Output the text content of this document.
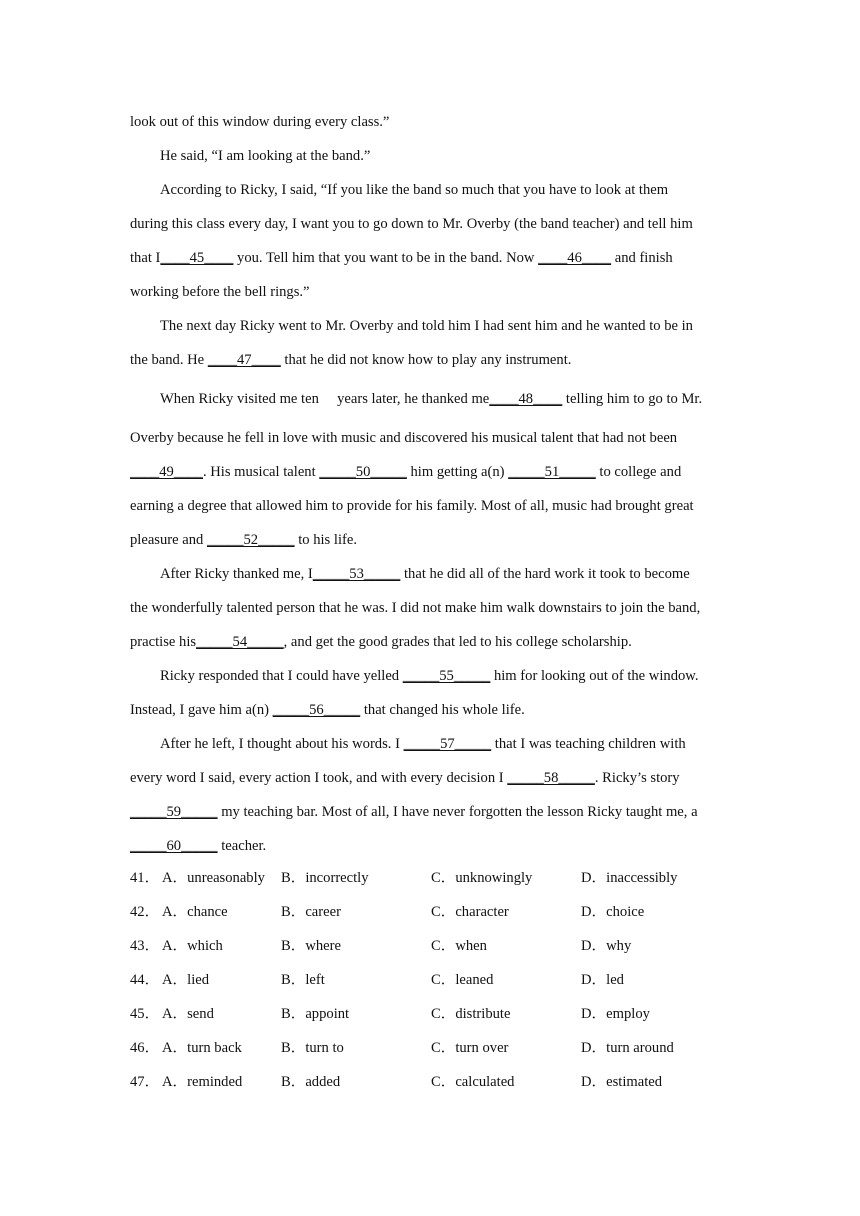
look out of this window during every class.”
He said, “I am looking at the band.”
According to Ricky, I said, “If you like the band so much that you have to look at them
during this class every day, I want you to go down to Mr. Overby (the band teacher) and tell him
that I____45____ you. Tell him that you want to be in the band. Now ____46____ and finish
working before the bell rings.”
The next day Ricky went to Mr. Overby and told him I had sent him and he wanted to be in
the band. He ____47____ that he did not know how to play any instrument.
When Ricky visited me ten     years later, he thanked me____48____ telling him to go to Mr.
Overby because he fell in love with music and discovered his musical talent that had not been
____49____. His musical talent _____50_____ him getting a(n) _____51_____ to college and
earning a degree that allowed him to provide for his family. Most of all, music had brought great
pleasure and _____52_____ to his life.
After Ricky thanked me, I_____53_____ that he did all of the hard work it took to become
the wonderfully talented person that he was. I did not make him walk downstairs to join the band,
practise his_____54_____, and get the good grades that led to his college scholarship.
Ricky responded that I could have yelled _____55_____ him for looking out of the window.
Instead, I gave him a(n) _____56_____ that changed his whole life.
After he left, I thought about his words. I _____57_____ that I was teaching children with
every word I said, every action I took, and with every decision I _____58_____. Ricky’s story
_____59_____ my teaching bar. Most of all, I have never forgotten the lesson Ricky taught me, a
_____60_____ teacher.
41． A．unreasonably B．incorrectly	C．unknowingly	D．inaccessibly
42． A．chance	B．career	C．character	D．choice
43． A．which	B．where	C．when	D．why
44． A．lied	B．left	C．leaned	D．led
45． A．send	B．appoint	C．distribute	D．employ
46． A．turn back	B．turn to	C．turn over	D．turn around
47． A．reminded	B．added	C．calculated	D．estimated
